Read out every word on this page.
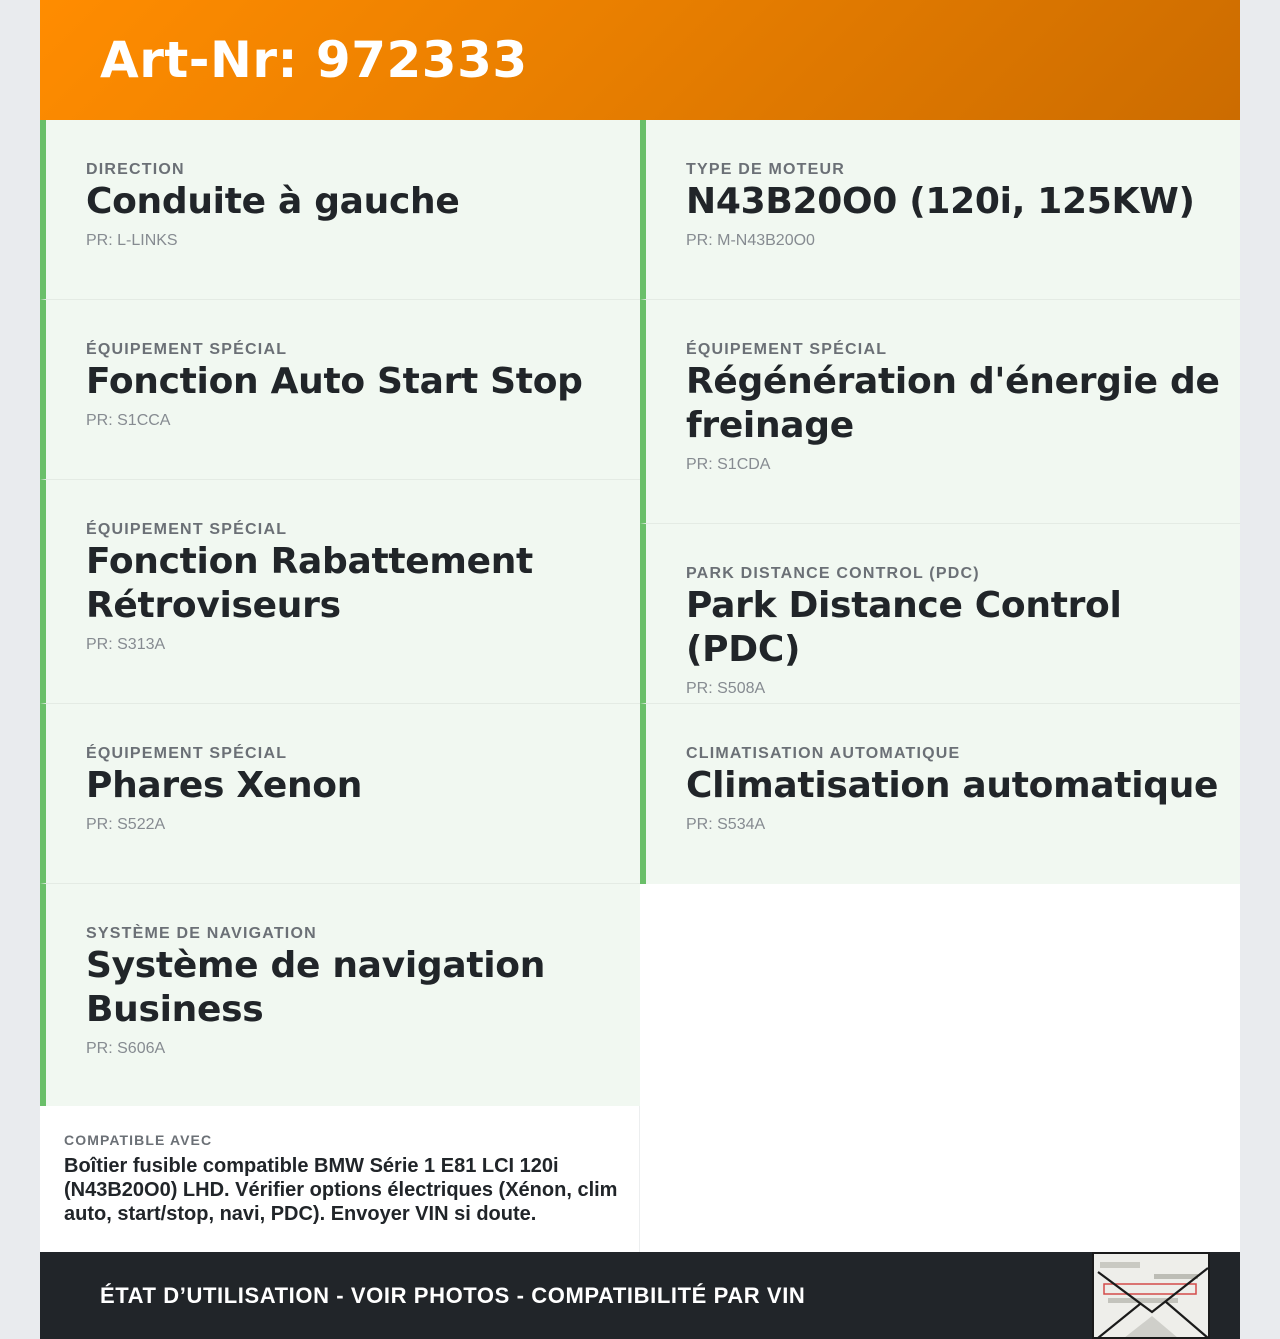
Art-Nr: 972333
DIRECTION
Conduite à gauche
PR: L-LINKS
ÉQUIPEMENT SPÉCIAL
Fonction Auto Start Stop
PR: S1CCA
ÉQUIPEMENT SPÉCIAL
Fonction Rabattement Rétroviseurs
PR: S313A
ÉQUIPEMENT SPÉCIAL
Phares Xenon
PR: S522A
SYSTÈME DE NAVIGATION
Système de navigation Business
PR: S606A
TYPE DE MOTEUR
N43B20O0 (120i, 125KW)
PR: M-N43B20O0
ÉQUIPEMENT SPÉCIAL
Régénération d'énergie de freinage
PR: S1CDA
PARK DISTANCE CONTROL (PDC)
Park Distance Control (PDC)
PR: S508A
CLIMATISATION AUTOMATIQUE
Climatisation automatique
PR: S534A
COMPATIBLE AVEC
Boîtier fusible compatible BMW Série 1 E81 LCI 120i (N43B20O0) LHD. Vérifier options électriques (Xénon, clim auto, start/stop, navi, PDC). Envoyer VIN si doute.
ÉTAT D’UTILISATION - VOIR PHOTOS - COMPATIBILITÉ PAR VIN
